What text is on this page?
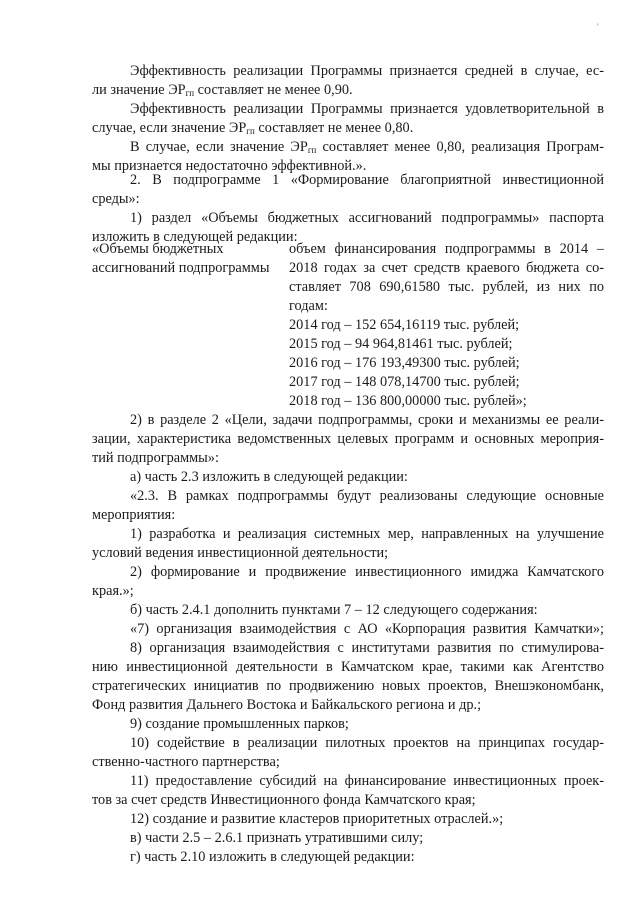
'
Эффективность реализации Программы признается средней в случае, ес-
ли значение $ЭР_{гп}$ составляет не менее 0,90.
Эффективность реализации Программы признается удовлетворительной в
случае, если значение $ЭР_{гп}$ составляет не менее 0,80.
В случае, если значение $ЭР_{гп}$ составляет менее 0,80, реализация Програм-
мы признается недостаточно эффективной.».
2. В подпрограмме 1 «Формирование благоприятной инвестиционной
среды»:
1) раздел «Объемы бюджетных ассигнований подпрограммы» паспорта
изложить в следующей редакции:
«Объемы бюджетных
ассигнований подпрограммы
объем финансирования подпрограммы в 2014 –
2018 годах за счет средств краевого бюджета со-
ставляет 708 690,61580 тыс. рублей, из них по
годам:
2014 год – 152 654,16119 тыс. рублей;
2015 год – 94 964,81461 тыс. рублей;
2016 год – 176 193,49300 тыс. рублей;
2017 год – 148 078,14700 тыс. рублей;
2018 год – 136 800,00000 тыс. рублей»;
2) в разделе 2 «Цели, задачи подпрограммы, сроки и механизмы ее реали-
зации, характеристика ведомственных целевых программ и основных мероприя-
тий подпрограммы»:
а) часть 2.3 изложить в следующей редакции:
«2.3. В рамках подпрограммы будут реализованы следующие основные
мероприятия:
1) разработка и реализация системных мер, направленных на улучшение
условий ведения инвестиционной деятельности;
2) формирование и продвижение инвестиционного имиджа Камчатского
края.»;
б) часть 2.4.1 дополнить пунктами 7 – 12 следующего содержания:
«7) организация взаимодействия с АО «Корпорация развития Камчатки»;
8) организация взаимодействия с институтами развития по стимулирова-
нию инвестиционной деятельности в Камчатском крае, такими как Агентство
стратегических инициатив по продвижению новых проектов, Внешэкономбанк,
Фонд развития Дальнего Востока и Байкальского региона и др.;
9) создание промышленных парков;
10) содействие в реализации пилотных проектов на принципах государ-
ственно-частного партнерства;
11) предоставление субсидий на финансирование инвестиционных проек-
тов за счет средств Инвестиционного фонда Камчатского края;
12) создание и развитие кластеров приоритетных отраслей.»;
в) части 2.5 – 2.6.1 признать утратившими силу;
г) часть 2.10 изложить в следующей редакции:
